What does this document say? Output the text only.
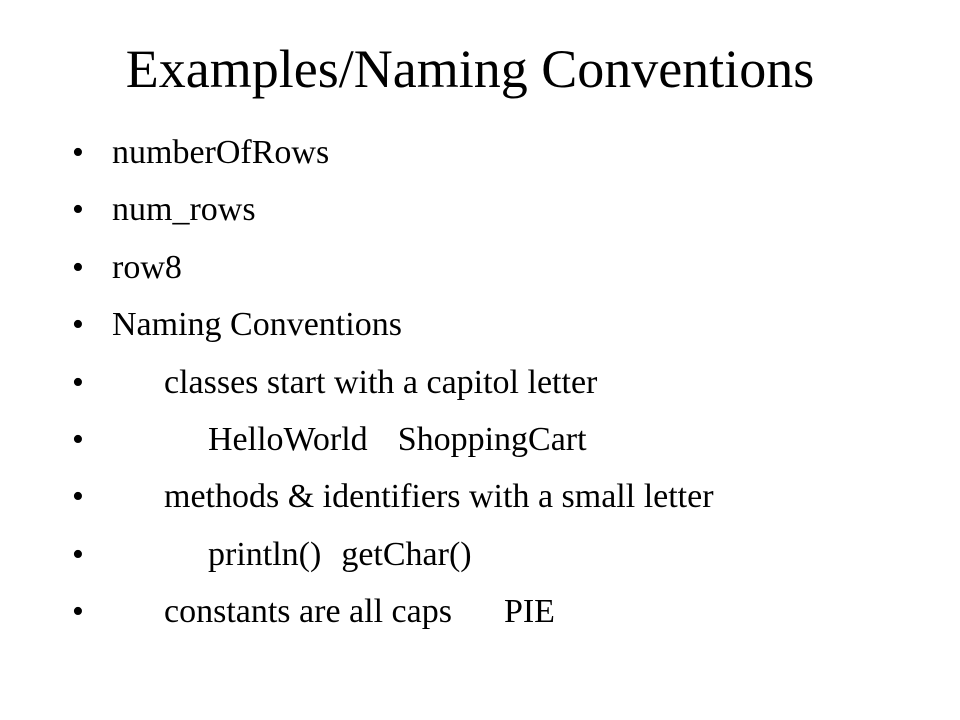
Examples/Naming Conventions
• numberOfRows
• num_rows
• row8
• Naming Conventions
•	classes start with a capitol letter
•	HelloWorld ShoppingCart
•	methods & identifiers with a small letter
•	println() getChar()
•	constants are all caps PIE
